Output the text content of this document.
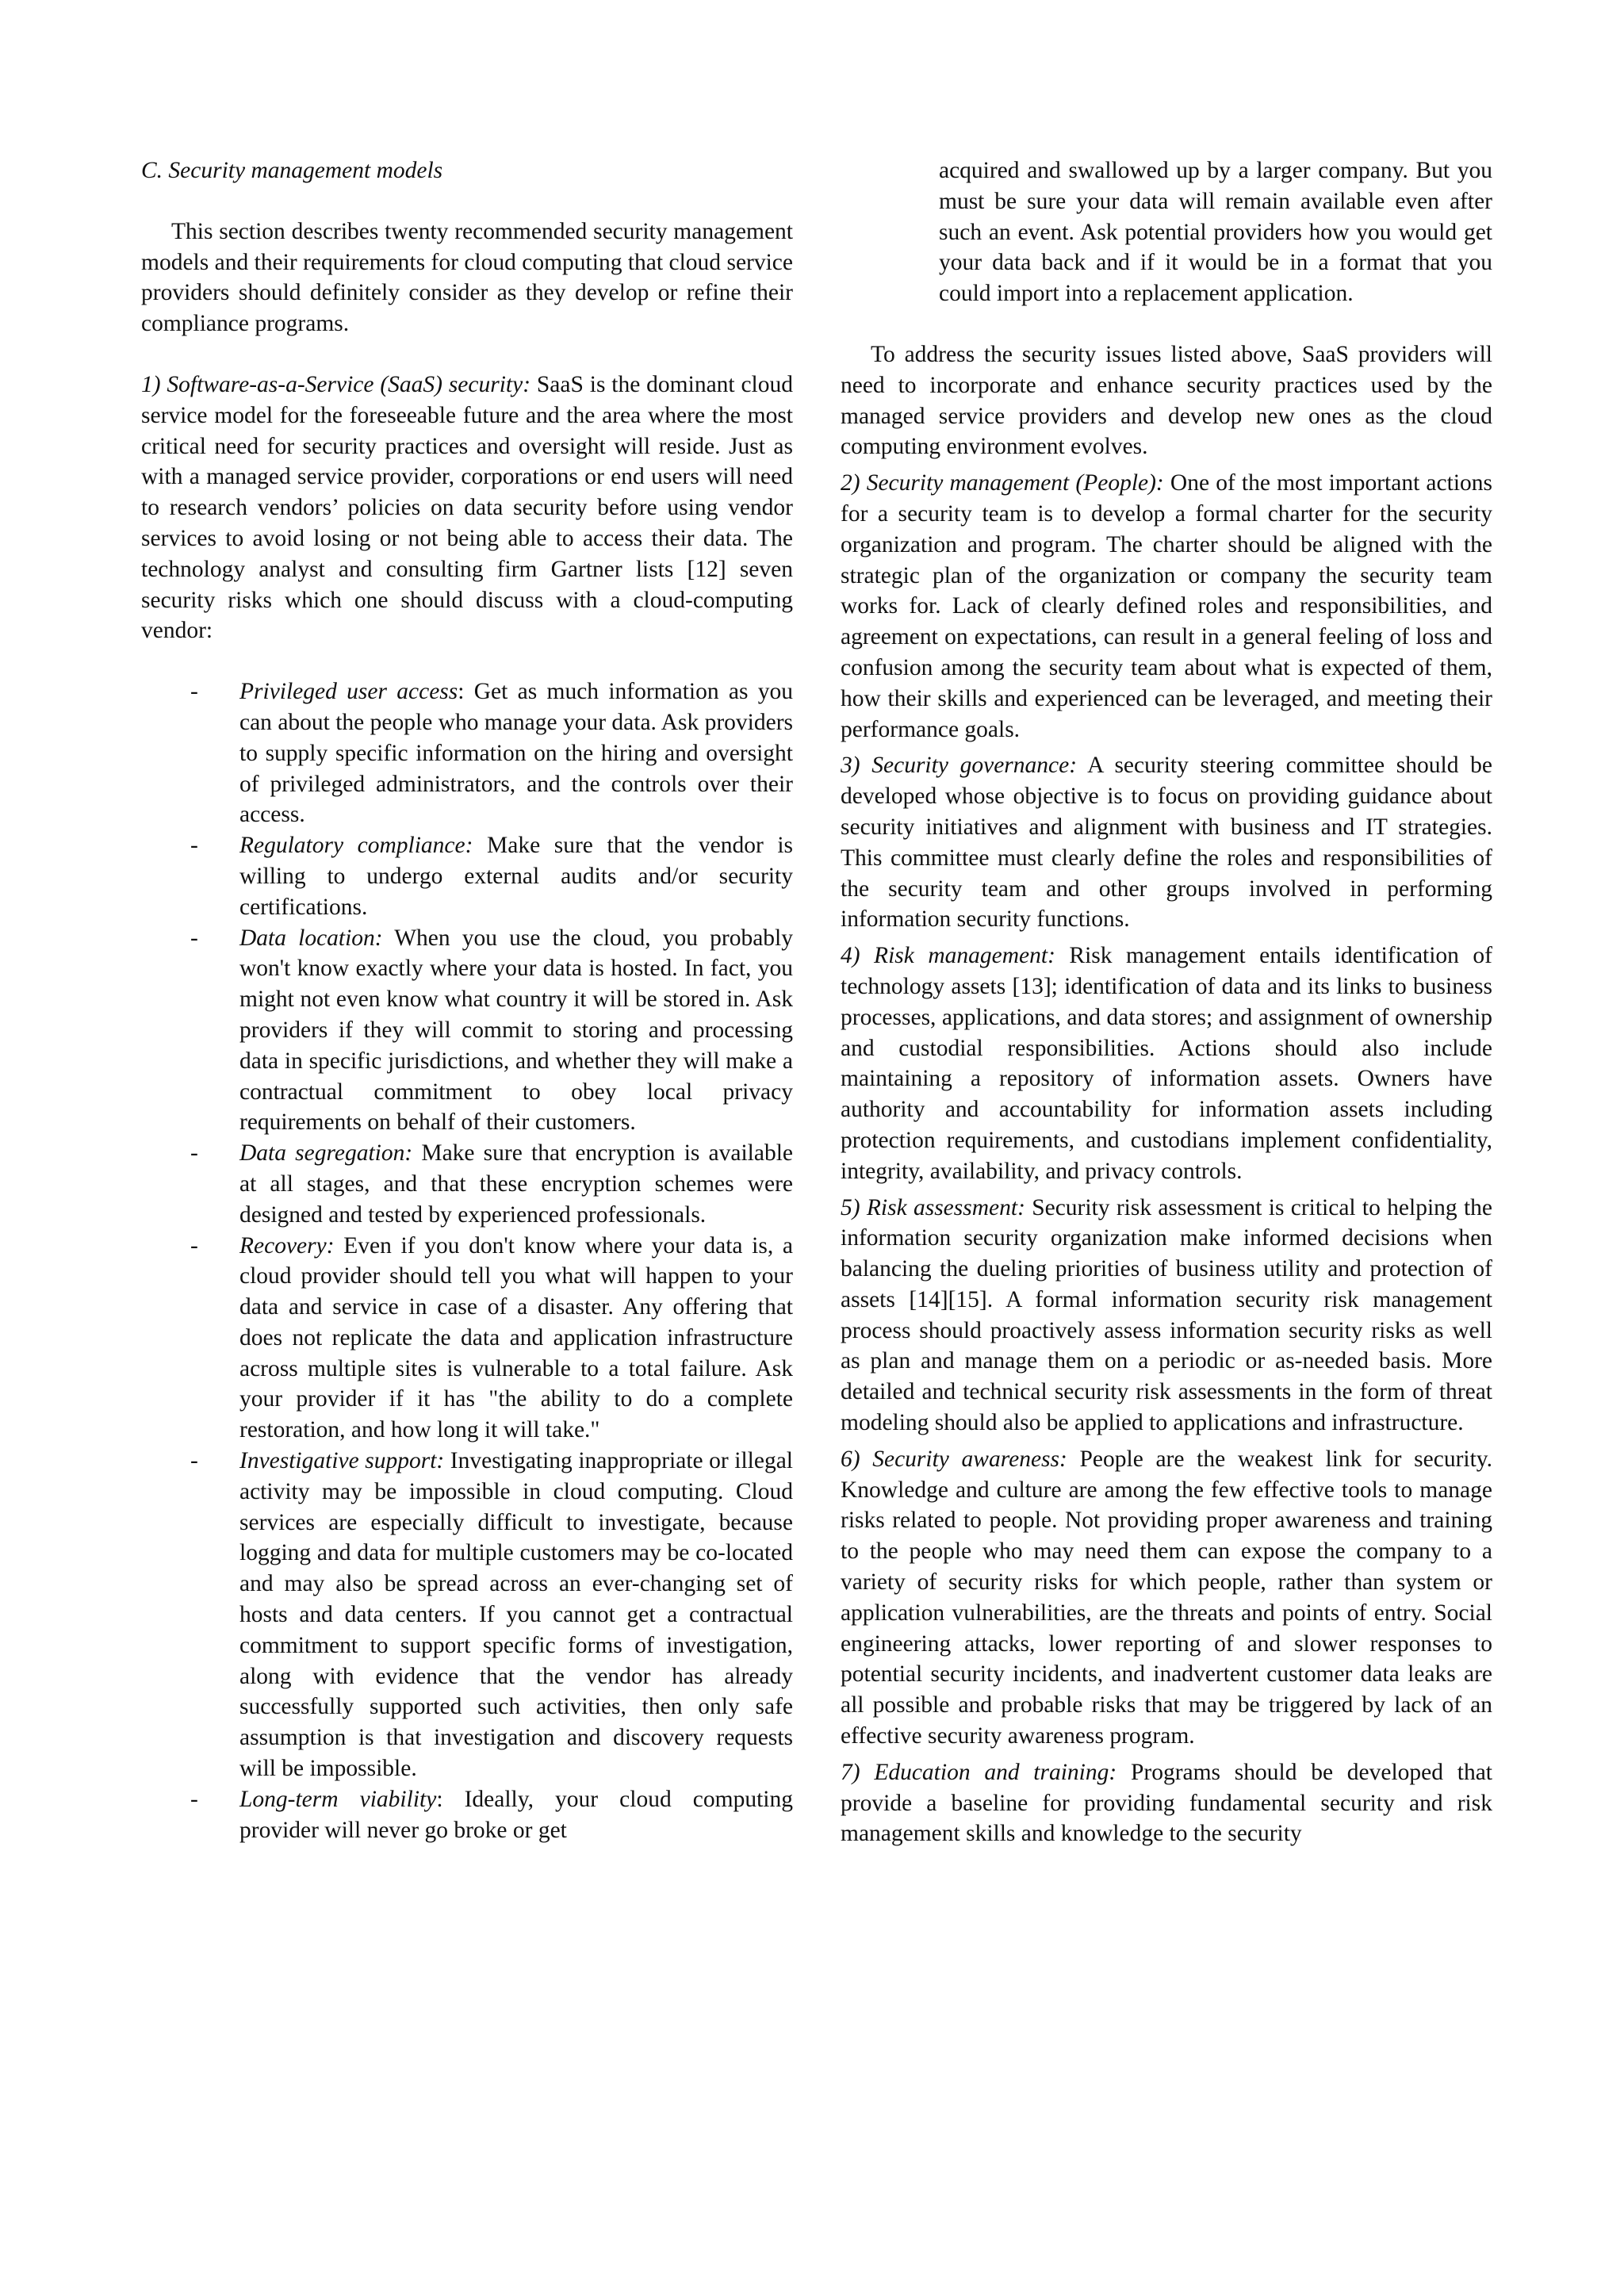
C. Security management models

This section describes twenty recommended security management models and their requirements for cloud computing that cloud service providers should definitely consider as they develop or refine their compliance programs.

1) Software-as-a-Service (SaaS) security: SaaS is the dominant cloud service model for the foreseeable future and the area where the most critical need for security practices and oversight will reside. Just as with a managed service provider, corporations or end users will need to research vendors’ policies on data security before using vendor services to avoid losing or not being able to access their data. The technology analyst and consulting firm Gartner lists [12] seven security risks which one should discuss with a cloud-computing vendor:

- Privileged user access: Get as much information as you can about the people who manage your data. Ask providers to supply specific information on the hiring and oversight of privileged administrators, and the controls over their access.
- Regulatory compliance: Make sure that the vendor is willing to undergo external audits and/or security certifications.
- Data location: When you use the cloud, you probably won't know exactly where your data is hosted. In fact, you might not even know what country it will be stored in. Ask providers if they will commit to storing and processing data in specific jurisdictions, and whether they will make a contractual commitment to obey local privacy requirements on behalf of their customers.
- Data segregation: Make sure that encryption is available at all stages, and that these encryption schemes were designed and tested by experienced professionals.
- Recovery: Even if you don't know where your data is, a cloud provider should tell you what will happen to your data and service in case of a disaster. Any offering that does not replicate the data and application infrastructure across multiple sites is vulnerable to a total failure. Ask your provider if it has "the ability to do a complete restoration, and how long it will take."
- Investigative support: Investigating inappropriate or illegal activity may be impossible in cloud computing. Cloud services are especially difficult to investigate, because logging and data for multiple customers may be co-located and may also be spread across an ever-changing set of hosts and data centers. If you cannot get a contractual commitment to support specific forms of investigation, along with evidence that the vendor has already successfully supported such activities, then only safe assumption is that investigation and discovery requests will be impossible.
- Long-term viability: Ideally, your cloud computing provider will never go broke or get

acquired and swallowed up by a larger company. But you must be sure your data will remain available even after such an event. Ask potential providers how you would get your data back and if it would be in a format that you could import into a replacement application.

To address the security issues listed above, SaaS providers will need to incorporate and enhance security practices used by the managed service providers and develop new ones as the cloud computing environment evolves.

2) Security management (People): One of the most important actions for a security team is to develop a formal charter for the security organization and program. The charter should be aligned with the strategic plan of the organization or company the security team works for. Lack of clearly defined roles and responsibilities, and agreement on expectations, can result in a general feeling of loss and confusion among the security team about what is expected of them, how their skills and experienced can be leveraged, and meeting their performance goals.

3) Security governance: A security steering committee should be developed whose objective is to focus on providing guidance about security initiatives and alignment with business and IT strategies. This committee must clearly define the roles and responsibilities of the security team and other groups involved in performing information security functions.

4) Risk management: Risk management entails identification of technology assets [13]; identification of data and its links to business processes, applications, and data stores; and assignment of ownership and custodial responsibilities. Actions should also include maintaining a repository of information assets. Owners have authority and accountability for information assets including protection requirements, and custodians implement confidentiality, integrity, availability, and privacy controls.

5) Risk assessment: Security risk assessment is critical to helping the information security organization make informed decisions when balancing the dueling priorities of business utility and protection of assets [14][15]. A formal information security risk management process should proactively assess information security risks as well as plan and manage them on a periodic or as-needed basis. More detailed and technical security risk assessments in the form of threat modeling should also be applied to applications and infrastructure.

6) Security awareness: People are the weakest link for security. Knowledge and culture are among the few effective tools to manage risks related to people. Not providing proper awareness and training to the people who may need them can expose the company to a variety of security risks for which people, rather than system or application vulnerabilities, are the threats and points of entry. Social engineering attacks, lower reporting of and slower responses to potential security incidents, and inadvertent customer data leaks are all possible and probable risks that may be triggered by lack of an effective security awareness program.

7) Education and training: Programs should be developed that provide a baseline for providing fundamental security and risk management skills and knowledge to the security
